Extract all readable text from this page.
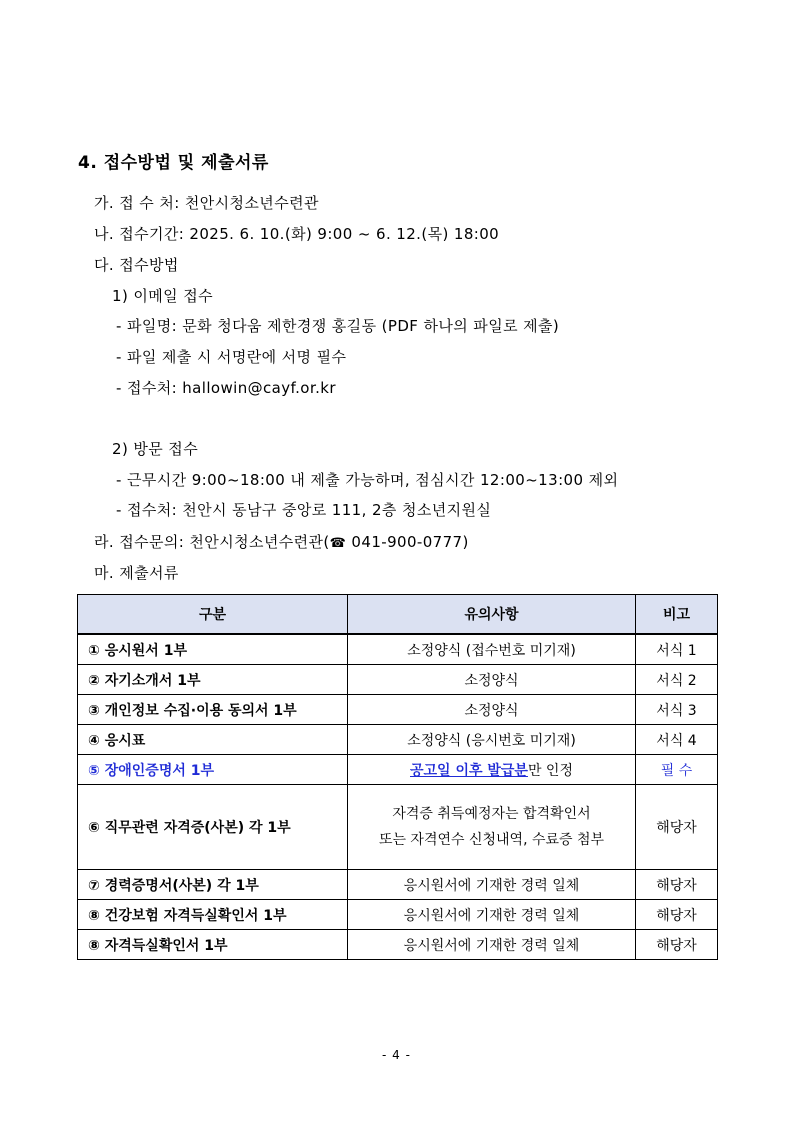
4. 접수방법 및 제출서류
가. 접 수 처: 천안시청소년수련관
나. 접수기간: 2025. 6. 10.(화) 9:00 ~ 6. 12.(목) 18:00
다. 접수방법
1) 이메일 접수
- 파일명: 문화 청다움 제한경쟁 홍길동 (PDF 하나의 파일로 제출)
- 파일 제출 시 서명란에 서명 필수
- 접수처: hallowin@cayf.or.kr
2) 방문 접수
- 근무시간 9:00~18:00 내 제출 가능하며, 점심시간 12:00~13:00 제외
- 접수처: 천안시 동남구 중앙로 111, 2층 청소년지원실
라. 접수문의: 천안시청소년수련관(☎ 041-900-0777)
마. 제출서류
구분	유의사항	비고
① 응시원서 1부	소정양식 (접수번호 미기재)	서식 1
② 자기소개서 1부	소정양식	서식 2
③ 개인정보 수집·이용 동의서 1부	소정양식	서식 3
④ 응시표	소정양식 (응시번호 미기재)	서식 4
⑤ 장애인증명서 1부	공고일 이후 발급분만 인정	필 수
⑥ 직무관련 자격증(사본) 각 1부	자격증 취득예정자는 합격확인서
또는 자격연수 신청내역, 수료증 첨부	해당자
⑦ 경력증명서(사본) 각 1부	응시원서에 기재한 경력 일체	해당자
⑧ 건강보험 자격득실확인서 1부	응시원서에 기재한 경력 일체	해당자
⑧ 자격득실확인서 1부	응시원서에 기재한 경력 일체	해당자
- 4 -
